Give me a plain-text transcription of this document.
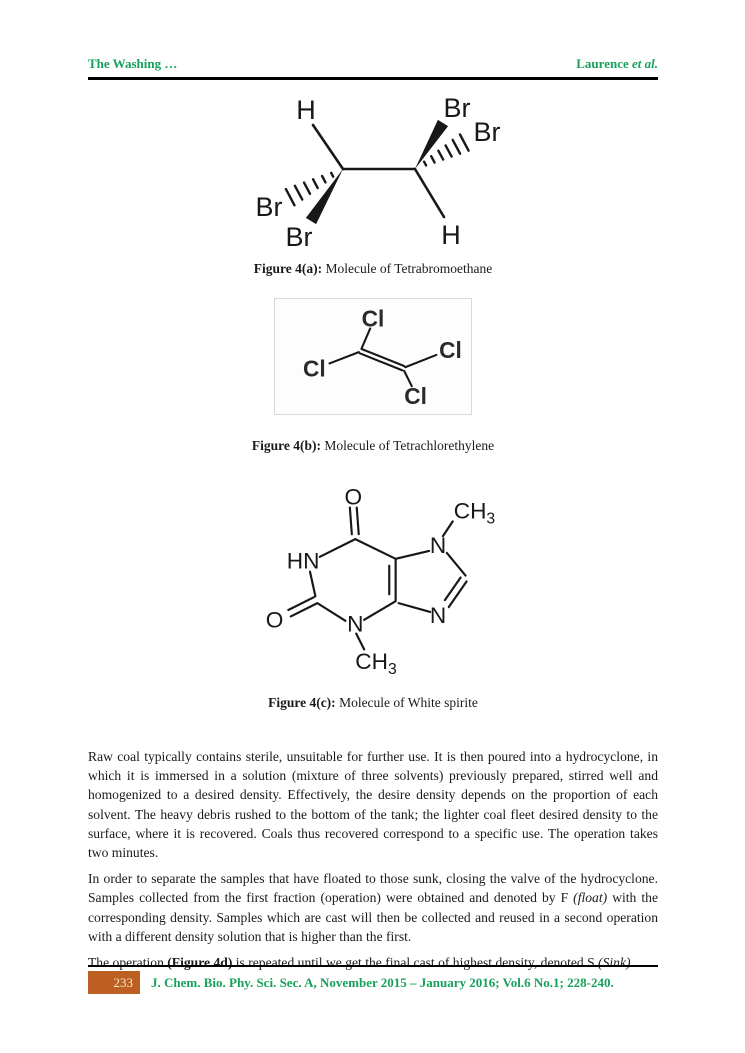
The Washing …	Laurence et al.
H	Br
Br
Br
Br	H
Figure 4(a): Molecule of Tetrabromoethane
Cl
Cl
Cl
Cl
Figure 4(b): Molecule of Tetrachlorethylene
O
HN
O	N
N
N
$CH_3$
$CH_3$
Figure 4(c): Molecule of White spirite

Raw coal typically contains sterile, unsuitable for further use. It is then poured into a hydrocyclone, in which it is immersed in a solution (mixture of three solvents) previously prepared, stirred well and homogenized to a desired density. Effectively, the desire density depends on the proportion of each solvent. The heavy debris rushed to the bottom of the tank; the lighter coal fleet desired density to the surface, where it is recovered. Coals thus recovered correspond to a specific use. The operation takes two minutes.

In order to separate the samples that have floated to those sunk, closing the valve of the hydrocyclone. Samples collected from the first fraction (operation) were obtained and denoted by F (float) with the corresponding density. Samples which are cast will then be collected and reused in a second operation with a different density solution that is higher than the first.

The operation (Figure 4d) is repeated until we get the final cast of highest density, denoted S (Sink).

233 J. Chem. Bio. Phy. Sci. Sec. A, November 2015 – January 2016; Vol.6 No.1; 228-240.
